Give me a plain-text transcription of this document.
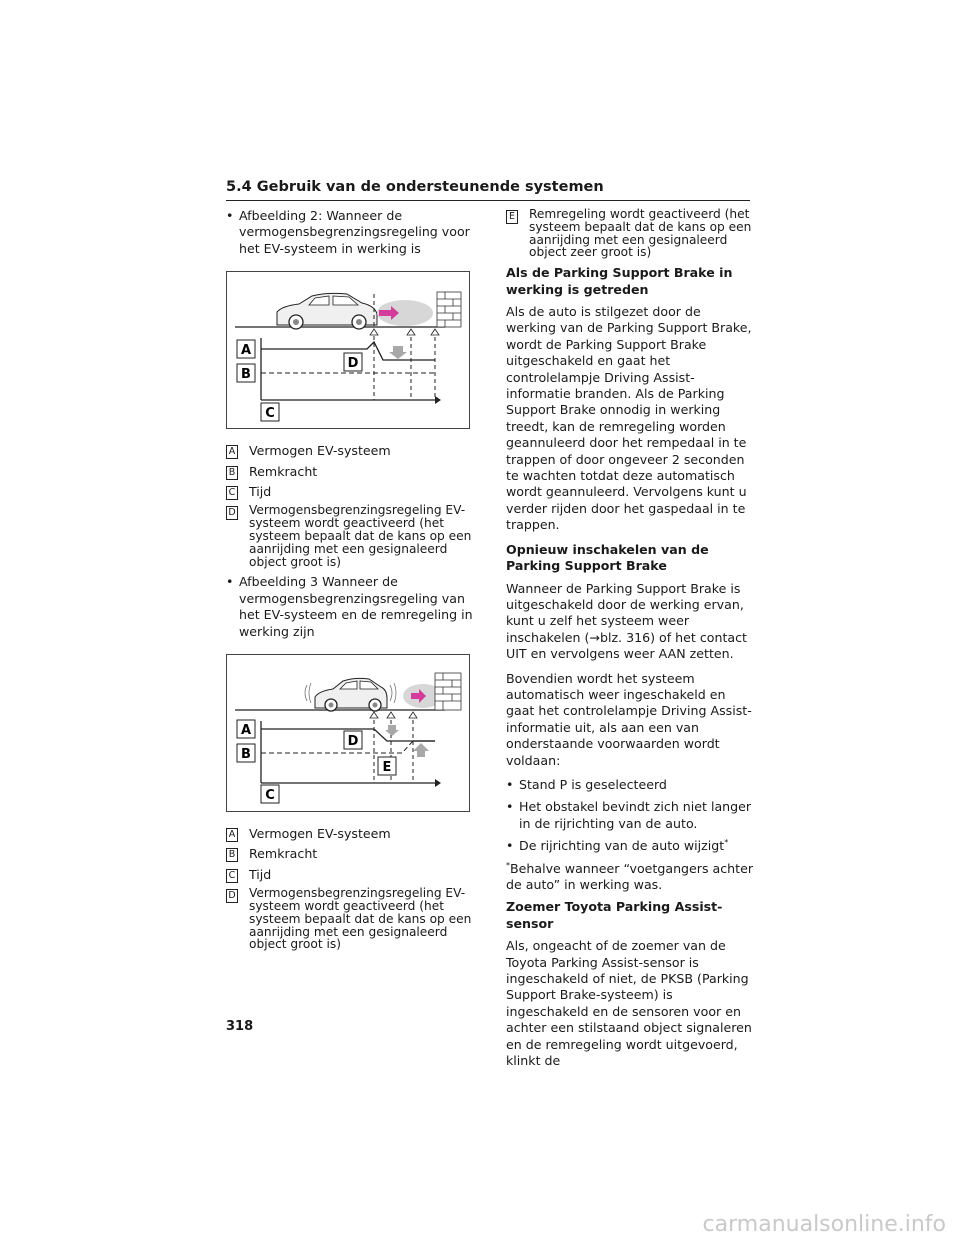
5.4 Gebruik van de ondersteunende systemen
• Afbeelding 2: Wanneer de vermogensbegrenzingsregeling voor het EV-systeem in werking is
A
B
C
D
A Vermogen EV-systeem
B Remkracht
C Tijd
D Vermogensbegrenzingsregeling EV-systeem wordt geactiveerd (het systeem bepaalt dat de kans op een aanrijding met een gesignaleerd object groot is)
• Afbeelding 3 Wanneer de vermogensbegrenzingsregeling van het EV-systeem en de remregeling in werking zijn
A
B
C
D
E
A Vermogen EV-systeem
B Remkracht
C Tijd
D Vermogensbegrenzingsregeling EV-systeem wordt geactiveerd (het systeem bepaalt dat de kans op een aanrijding met een gesignaleerd object groot is)
E Remregeling wordt geactiveerd (het systeem bepaalt dat de kans op een aanrijding met een gesignaleerd object zeer groot is)
Als de Parking Support Brake in werking is getreden
Als de auto is stilgezet door de werking van de Parking Support Brake, wordt de Parking Support Brake uitgeschakeld en gaat het controlelampje Driving Assist-informatie branden. Als de Parking Support Brake onnodig in werking treedt, kan de remregeling worden geannuleerd door het rempedaal in te trappen of door ongeveer 2 seconden te wachten totdat deze automatisch wordt geannuleerd. Vervolgens kunt u verder rijden door het gaspedaal in te trappen.
Opnieuw inschakelen van de Parking Support Brake
Wanneer de Parking Support Brake is uitgeschakeld door de werking ervan, kunt u zelf het systeem weer inschakelen (→blz. 316) of het contact UIT en vervolgens weer AAN zetten.
Bovendien wordt het systeem automatisch weer ingeschakeld en gaat het controlelampje Driving Assist-informatie uit, als aan een van onderstaande voorwaarden wordt voldaan:
• Stand P is geselecteerd
• Het obstakel bevindt zich niet langer in de rijrichting van de auto.
• De rijrichting van de auto wijzigt*
*Behalve wanneer “voetgangers achter de auto” in werking was.
Zoemer Toyota Parking Assist-sensor
Als, ongeacht of de zoemer van de Toyota Parking Assist-sensor is ingeschakeld of niet, de PKSB (Parking Support Brake-systeem) is ingeschakeld en de sensoren voor en achter een stilstaand object signaleren en de remregeling wordt uitgevoerd, klinkt de
318
carmanualsonline.info
